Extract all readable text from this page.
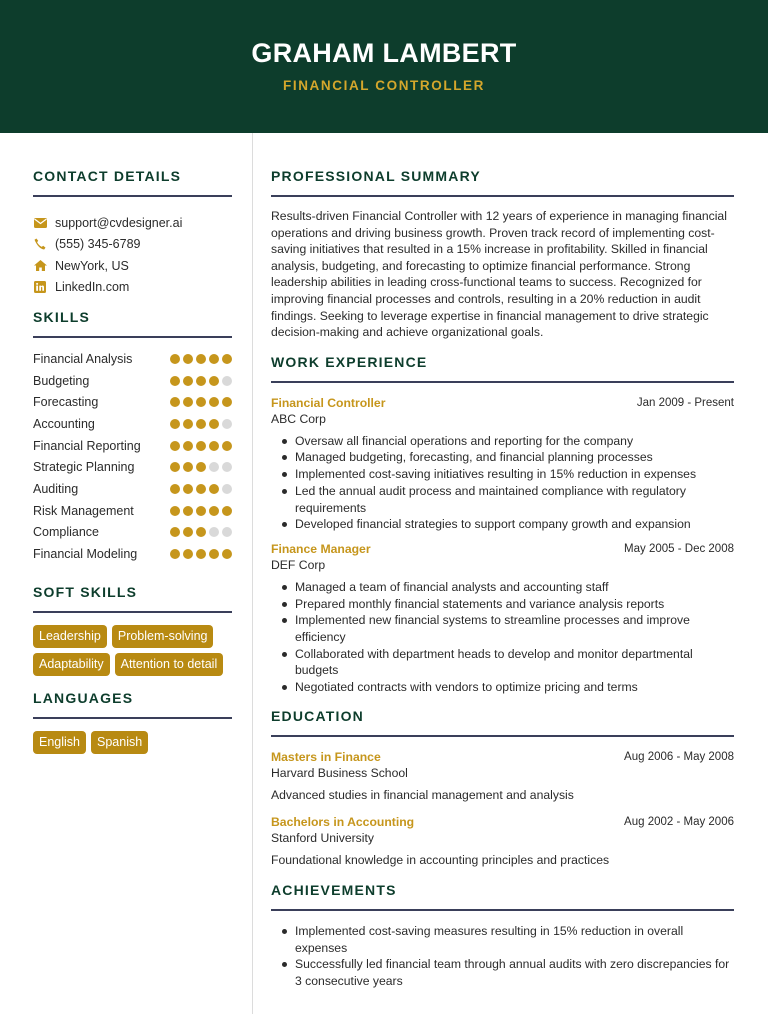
GRAHAM LAMBERT
FINANCIAL CONTROLLER
CONTACT DETAILS
support@cvdesigner.ai
(555) 345-6789
NewYork, US
LinkedIn.com
SKILLS
Financial Analysis
Budgeting
Forecasting
Accounting
Financial Reporting
Strategic Planning
Auditing
Risk Management
Compliance
Financial Modeling
SOFT SKILLS
Leadership	Problem-solving
Adaptability	Attention to detail
LANGUAGES
English	Spanish
PROFESSIONAL SUMMARY

Results-driven Financial Controller with 12 years of experience in managing financial operations and driving business growth. Proven track record of implementing cost-saving initiatives that resulted in a 15% increase in profitability. Skilled in financial analysis, budgeting, and forecasting to optimize financial performance. Strong leadership abilities in leading cross-functional teams to success. Recognized for improving financial processes and controls, resulting in a 20% reduction in audit findings. Seeking to leverage expertise in financial management to drive strategic decision-making and achieve organizational goals.

WORK EXPERIENCE
Financial Controller	Jan 2009 - Present
ABC Corp
Oversaw all financial operations and reporting for the company
Managed budgeting, forecasting, and financial planning processes
Implemented cost-saving initiatives resulting in 15% reduction in expenses
Led the annual audit process and maintained compliance with regulatory requirements
Developed financial strategies to support company growth and expansion
Finance Manager	May 2005 - Dec 2008
DEF Corp
Managed a team of financial analysts and accounting staff
Prepared monthly financial statements and variance analysis reports
Implemented new financial systems to streamline processes and improve efficiency
Collaborated with department heads to develop and monitor departmental budgets
Negotiated contracts with vendors to optimize pricing and terms
EDUCATION
Masters in Finance	Aug 2006 - May 2008
Harvard Business School
Advanced studies in financial management and analysis
Bachelors in Accounting	Aug 2002 - May 2006
Stanford University
Foundational knowledge in accounting principles and practices
ACHIEVEMENTS
Implemented cost-saving measures resulting in 15% reduction in overall expenses
Successfully led financial team through annual audits with zero discrepancies for 3 consecutive years
